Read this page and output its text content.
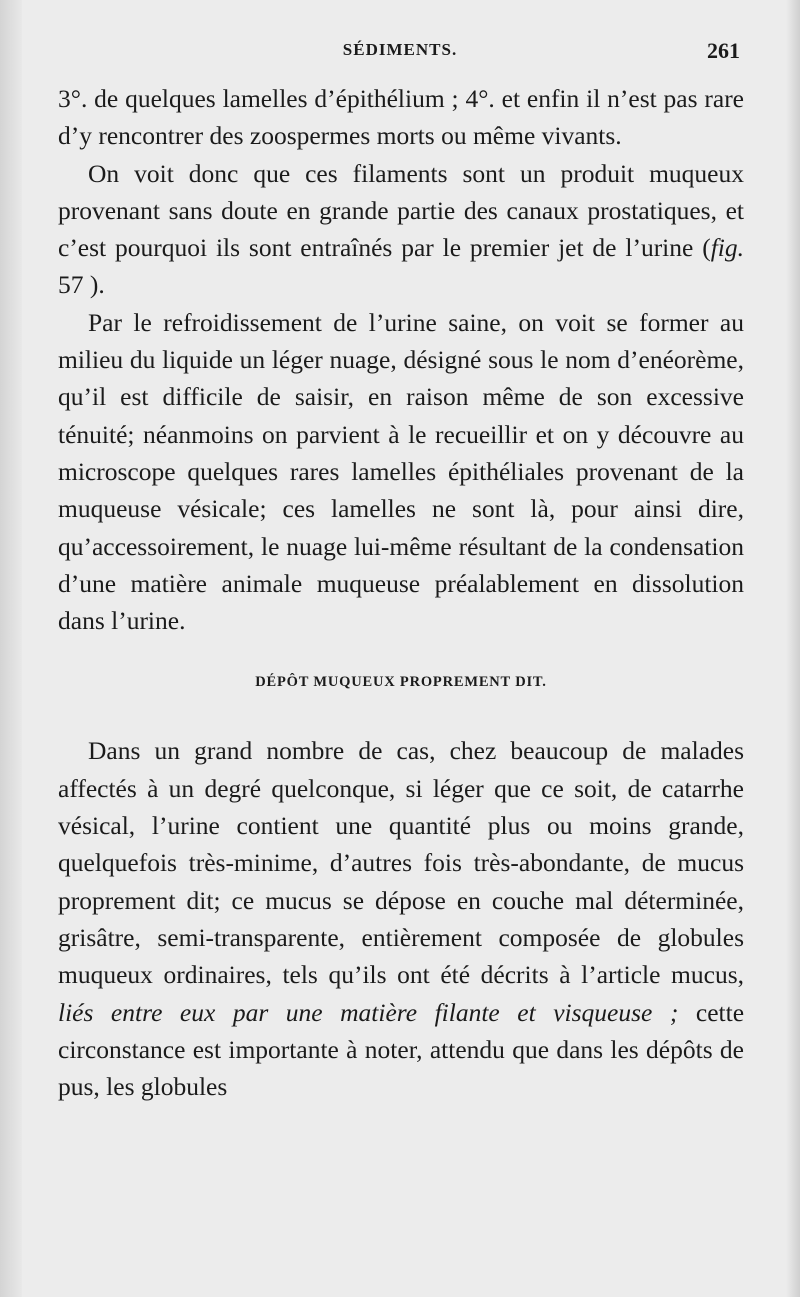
SÉDIMENTS.	261

3°. de quelques lamelles d’épithélium ; 4°. et enfin il n’est pas rare d’y rencontrer des zoospermes morts ou même vivants.

On voit donc que ces filaments sont un produit muqueux provenant sans doute en grande partie des canaux prostatiques, et c’est pourquoi ils sont entraînés par le premier jet de l’urine (fig. 57 ).

Par le refroidissement de l’urine saine, on voit se former au milieu du liquide un léger nuage, désigné sous le nom d’enéorème, qu’il est difficile de saisir, en raison même de son excessive ténuité; néanmoins on parvient à le recueillir et on y découvre au microscope quelques rares lamelles épithéliales provenant de la muqueuse vésicale; ces lamelles ne sont là, pour ainsi dire, qu’accessoirement, le nuage lui-même résultant de la condensation d’une matière animale muqueuse préalablement en dissolution dans l’urine.

DÉPÔT MUQUEUX PROPREMENT DIT.

Dans un grand nombre de cas, chez beaucoup de malades affectés à un degré quelconque, si léger que ce soit, de catarrhe vésical, l’urine contient une quantité plus ou moins grande, quelquefois très-minime, d’autres fois très-abondante, de mucus proprement dit; ce mucus se dépose en couche mal déterminée, grisâtre, semi-transparente, entièrement composée de globules muqueux ordinaires, tels qu’ils ont été décrits à l’article mucus, liés entre eux par une matière filante et visqueuse ; cette circonstance est importante à noter, attendu que dans les dépôts de pus, les globules
